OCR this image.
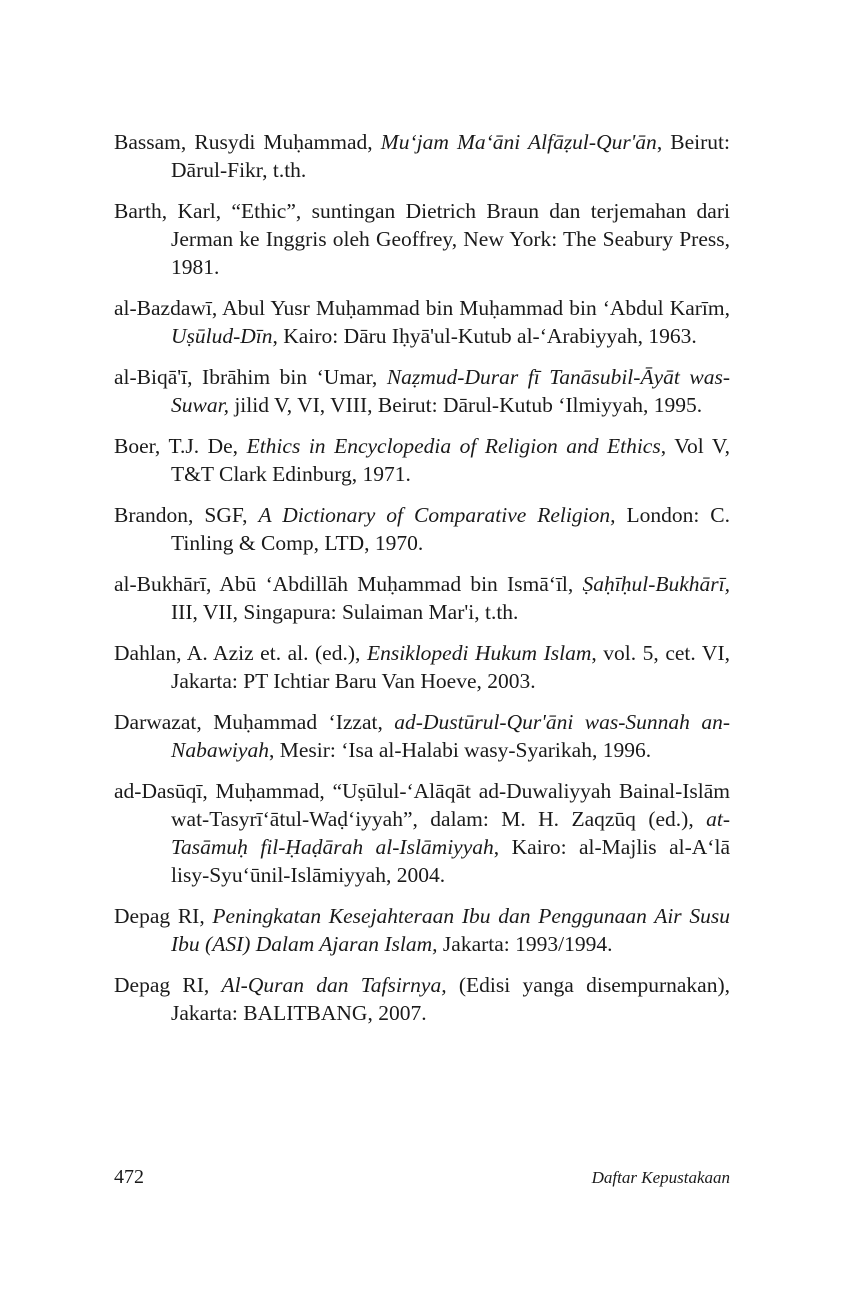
Bassam, Rusydi Muḥammad, Mu‘jam Ma‘āni Alfāẓul-Qur'ān, Beirut: Dārul-Fikr, t.th.

Barth, Karl, “Ethic”, suntingan Dietrich Braun dan terjemahan dari Jerman ke Inggris oleh Geoffrey, New York: The Seabury Press, 1981.

al-Bazdawī, Abul Yusr Muḥammad bin Muḥammad bin ‘Abdul Karīm, Uṣūlud-Dīn, Kairo: Dāru Iḥyā'ul-Kutub al-‘Arabiyyah, 1963.

al-Biqā'ī, Ibrāhim bin ‘Umar, Naẓmud-Durar fī Tanāsubil-Āyāt was-Suwar, jilid V, VI, VIII, Beirut: Dārul-Kutub ‘Ilmiyyah, 1995.

Boer, T.J. De, Ethics in Encyclopedia of Religion and Ethics, Vol V, T&T Clark Edinburg, 1971.

Brandon, SGF, A Dictionary of Comparative Religion, London: C. Tinling & Comp, LTD, 1970.

al-Bukhārī, Abū ‘Abdillāh Muḥammad bin Ismā‘īl, Ṣaḥīḥul-Bukhārī, III, VII, Singapura: Sulaiman Mar'i, t.th.

Dahlan, A. Aziz et. al. (ed.), Ensiklopedi Hukum Islam, vol. 5, cet. VI, Jakarta: PT Ichtiar Baru Van Hoeve, 2003.

Darwazat, Muḥammad ‘Izzat, ad-Dustūrul-Qur'āni was-Sunnah an-Nabawiyah, Mesir: ‘Isa al-Halabi wasy-Syarikah, 1996.

ad-Dasūqī, Muḥammad, “Uṣūlul-‘Alāqāt ad-Duwaliyyah Bainal-Islām wat-Tasyrī‘ātul-Waḍ‘iyyah”, dalam: M. H. Zaqzūq (ed.), at-Tasāmuḥ fil-Ḥaḍārah al-Islāmiyyah, Kairo: al-Majlis al-A‘lā lisy-Syu‘ūnil-Islāmiyyah, 2004.

Depag RI, Peningkatan Kesejahteraan Ibu dan Penggunaan Air Susu Ibu (ASI) Dalam Ajaran Islam, Jakarta: 1993/1994.

Depag RI, Al-Quran dan Tafsirnya, (Edisi yanga disempurnakan), Jakarta: BALITBANG, 2007.

472	Daftar Kepustakaan
